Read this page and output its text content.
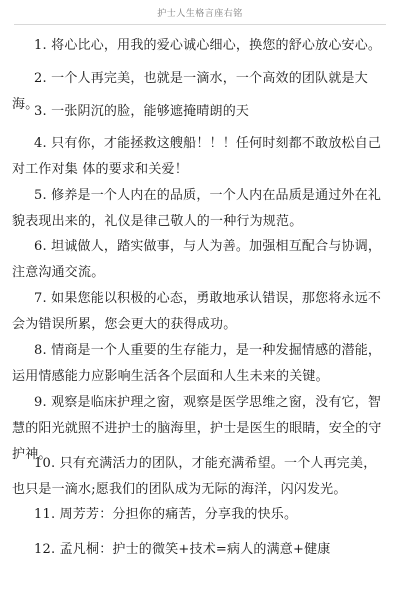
护士人生格言座右铭
1. 将心比心，用我的爱心诚心细心，换您的舒心放心安心。
2. 一个人再完美，也就是一滴水，一个高效的团队就是大海。
3. 一张阴沉的脸，能够遮掩晴朗的天
4. 只有你，才能拯救这艘船！！！任何时刻都不敢放松自己对工作对集 体的要求和关爱！
5. 修养是一个人内在的品质，一个人内在品质是通过外在礼貌表现出来的，礼仪是律己敬人的一种行为规范。
6. 坦诚做人，踏实做事，与人为善。加强相互配合与协调，注意沟通交流。
7. 如果您能以积极的心态，勇敢地承认错误，那您将永远不会为错误所累，您会更大的获得成功。
8. 情商是一个人重要的生存能力，是一种发掘情感的潜能，运用情感能力应影响生活各个层面和人生未来的关键。
9. 观察是临床护理之窗，观察是医学思维之窗，没有它，智慧的阳光就照不进护士的脑海里，护士是医生的眼睛，安全的守护神。
10. 只有充满活力的团队，才能充满希望。一个人再完美，也只是一滴水;愿我们的团队成为无际的海洋，闪闪发光。
11. 周芳芳：分担你的痛苦，分享我的快乐。
12. 孟凡桐：护士的微笑+技术=病人的满意+健康
